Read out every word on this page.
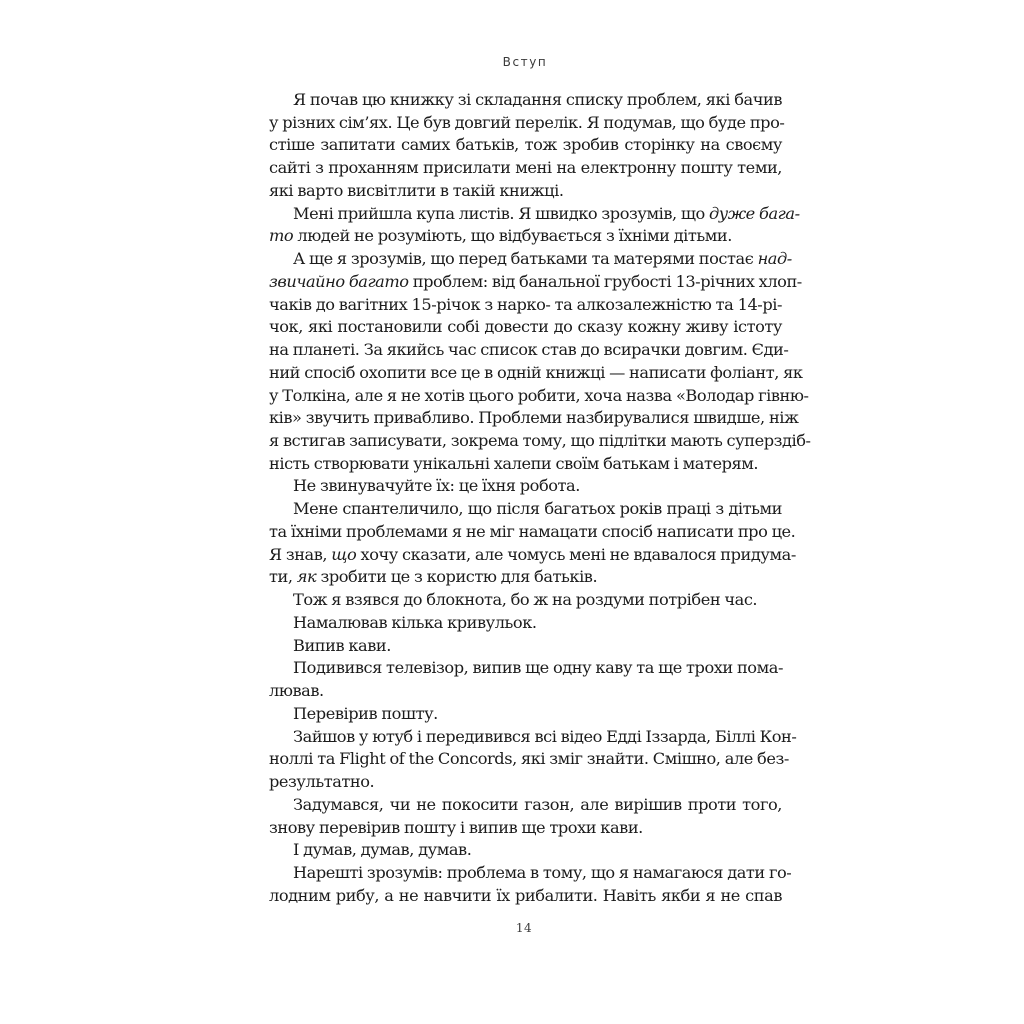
Вступ
Я почав цю книжку зі складання списку проблем, які бачив
у різних сім’ях. Це був довгий перелік. Я подумав, що буде про-
стіше запитати самих батьків, тож зробив сторінку на своєму
сайті з проханням присилати мені на електронну пошту теми,
які варто висвітлити в такій книжці.
Мені прийшла купа листів. Я швидко зрозумів, що дуже бага-
то людей не розуміють, що відбувається з їхніми дітьми.
А ще я зрозумів, що перед батьками та матерями постає над-
звичайно багато проблем: від банальної грубості 13-річних хлоп-
чаків до вагітних 15-річок з нарко- та алкозалежністю та 14-рі-
чок, які постановили собі довести до сказу кожну живу істоту
на планеті. За якийсь час список став до всирачки довгим. Єди-
ний спосіб охопити все це в одній книжці — написати фоліант, як
у Толкіна, але я не хотів цього робити, хоча назва «Володар гівню-
ків» звучить привабливо. Проблеми назбирувалися швидше, ніж
я встигав записувати, зокрема тому, що підлітки мають суперздіб-
ність створювати унікальні халепи своїм батькам і матерям.
Не звинувачуйте їх: це їхня робота.
Мене спантеличило, що після багатьох років праці з дітьми
та їхніми проблемами я не міг намацати спосіб написати про це.
Я знав, що хочу сказати, але чомусь мені не вдавалося придума-
ти, як зробити це з користю для батьків.
Тож я взявся до блокнота, бо ж на роздуми потрібен час.
Намалював кілька кривульок.
Випив кави.
Подивився телевізор, випив ще одну каву та ще трохи пома-
лював.
Перевірив пошту.
Зайшов у ютуб і передивився всі відео Едді Іззарда, Біллі Кон-
ноллі та Flight of the Concords, які зміг знайти. Смішно, але без-
результатно.
Задумався, чи не покосити газон, але вирішив проти того,
знову перевірив пошту і випив ще трохи кави.
І думав, думав, думав.
Нарешті зрозумів: проблема в тому, що я намагаюся дати го-
лодним рибу, а не навчити їх рибалити. Навіть якби я не спав
14
